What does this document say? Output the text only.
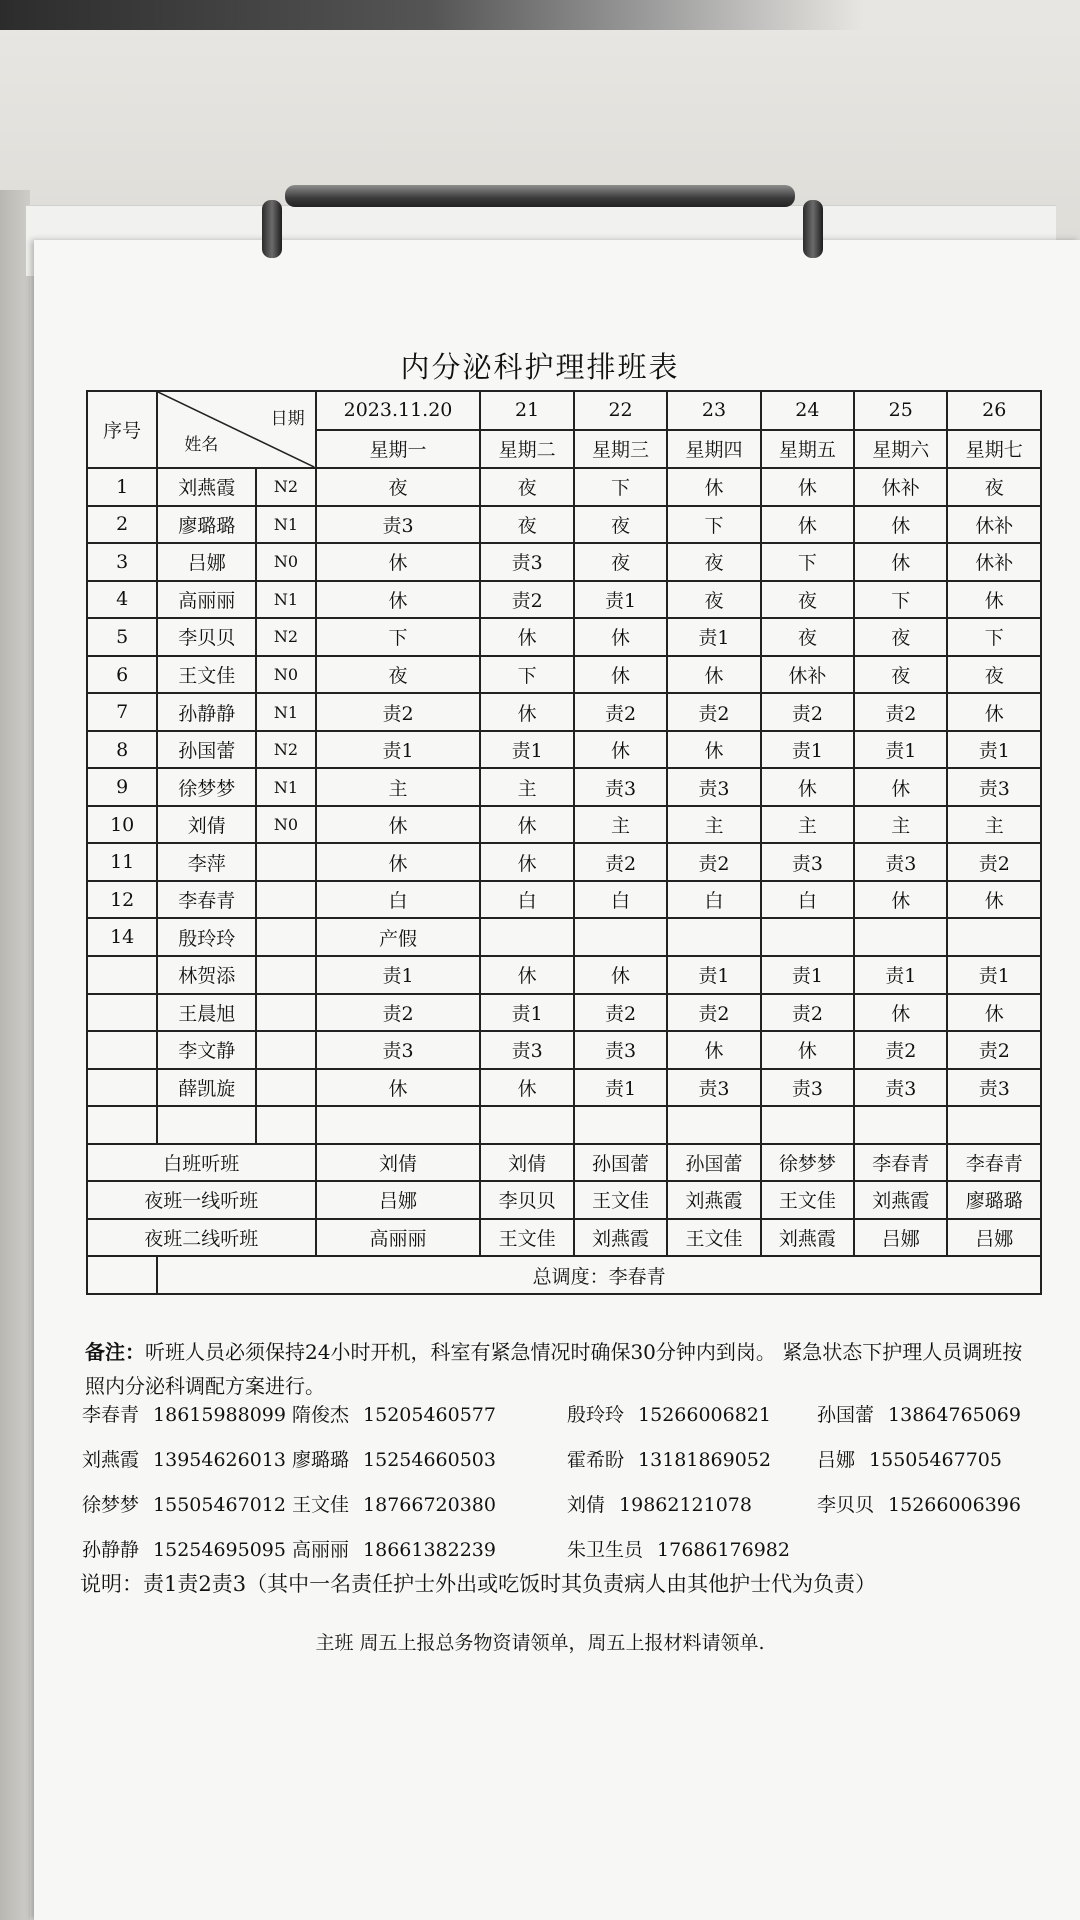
内分泌科护理排班表
序号	日期
姓名		2023.11.20	21	22	23	24	25	26
			星期一	星期二	星期三	星期四	星期五	星期六	星期七
1	刘燕霞	N2	夜	夜	下	休	休	休补	夜
2	廖璐璐	N1	责3	夜	夜	下	休	休	休补
3	吕娜	N0	休	责3	夜	夜	下	休	休补
4	高丽丽	N1	休	责2	责1	夜	夜	下	休
5	李贝贝	N2	下	休	休	责1	夜	夜	下
6	王文佳	N0	夜	下	休	休	休补	夜	夜
7	孙静静	N1	责2	休	责2	责2	责2	责2	休
8	孙国蕾	N2	责1	责1	休	休	责1	责1	责1
9	徐梦梦	N1	主	主	责3	责3	休	休	责3
10	刘倩	N0	休	休	主	主	主	主	主
11	李萍		休	休	责2	责2	责3	责3	责2
12	李春青		白	白	白	白	白	休	休
14	殷玲玲		产假						
	林贺添		责1	休	休	责1	责1	责1	责1
	王晨旭		责2	责1	责2	责2	责2	休	休
	李文静		责3	责3	责3	休	休	责2	责2
	薛凯旋		休	休	责1	责3	责3	责3	责3

白班听班			刘倩	刘倩	孙国蕾	孙国蕾	徐梦梦	李春青	李春青
夜班一线听班			吕娜	李贝贝	王文佳	刘燕霞	王文佳	刘燕霞	廖璐璐
夜班二线听班			高丽丽	王文佳	刘燕霞	王文佳	刘燕霞	吕娜	吕娜
	总调度：李春青								
备注：听班人员必须保持24小时开机，科室有紧急情况时确保30分钟内到岗。 紧急状态下护理人员调班按照内分泌科调配方案进行。
李春青 18615988099 隋俊杰 15205460577	殷玲玲 15266006821 孙国蕾 13864765069
刘燕霞 13954626013 廖璐璐 15254660503	霍希盼 13181869052 吕娜 15505467705
徐梦梦 15505467012 王文佳 18766720380	刘倩 19862121078	李贝贝 15266006396
孙静静 15254695095 高丽丽 18661382239	朱卫生员 17686176982
说明：责1责2责3（其中一名责任护士外出或吃饭时其负责病人由其他护士代为负责）
主班 周五上报总务物资请领单，周五上报材料请领单.
